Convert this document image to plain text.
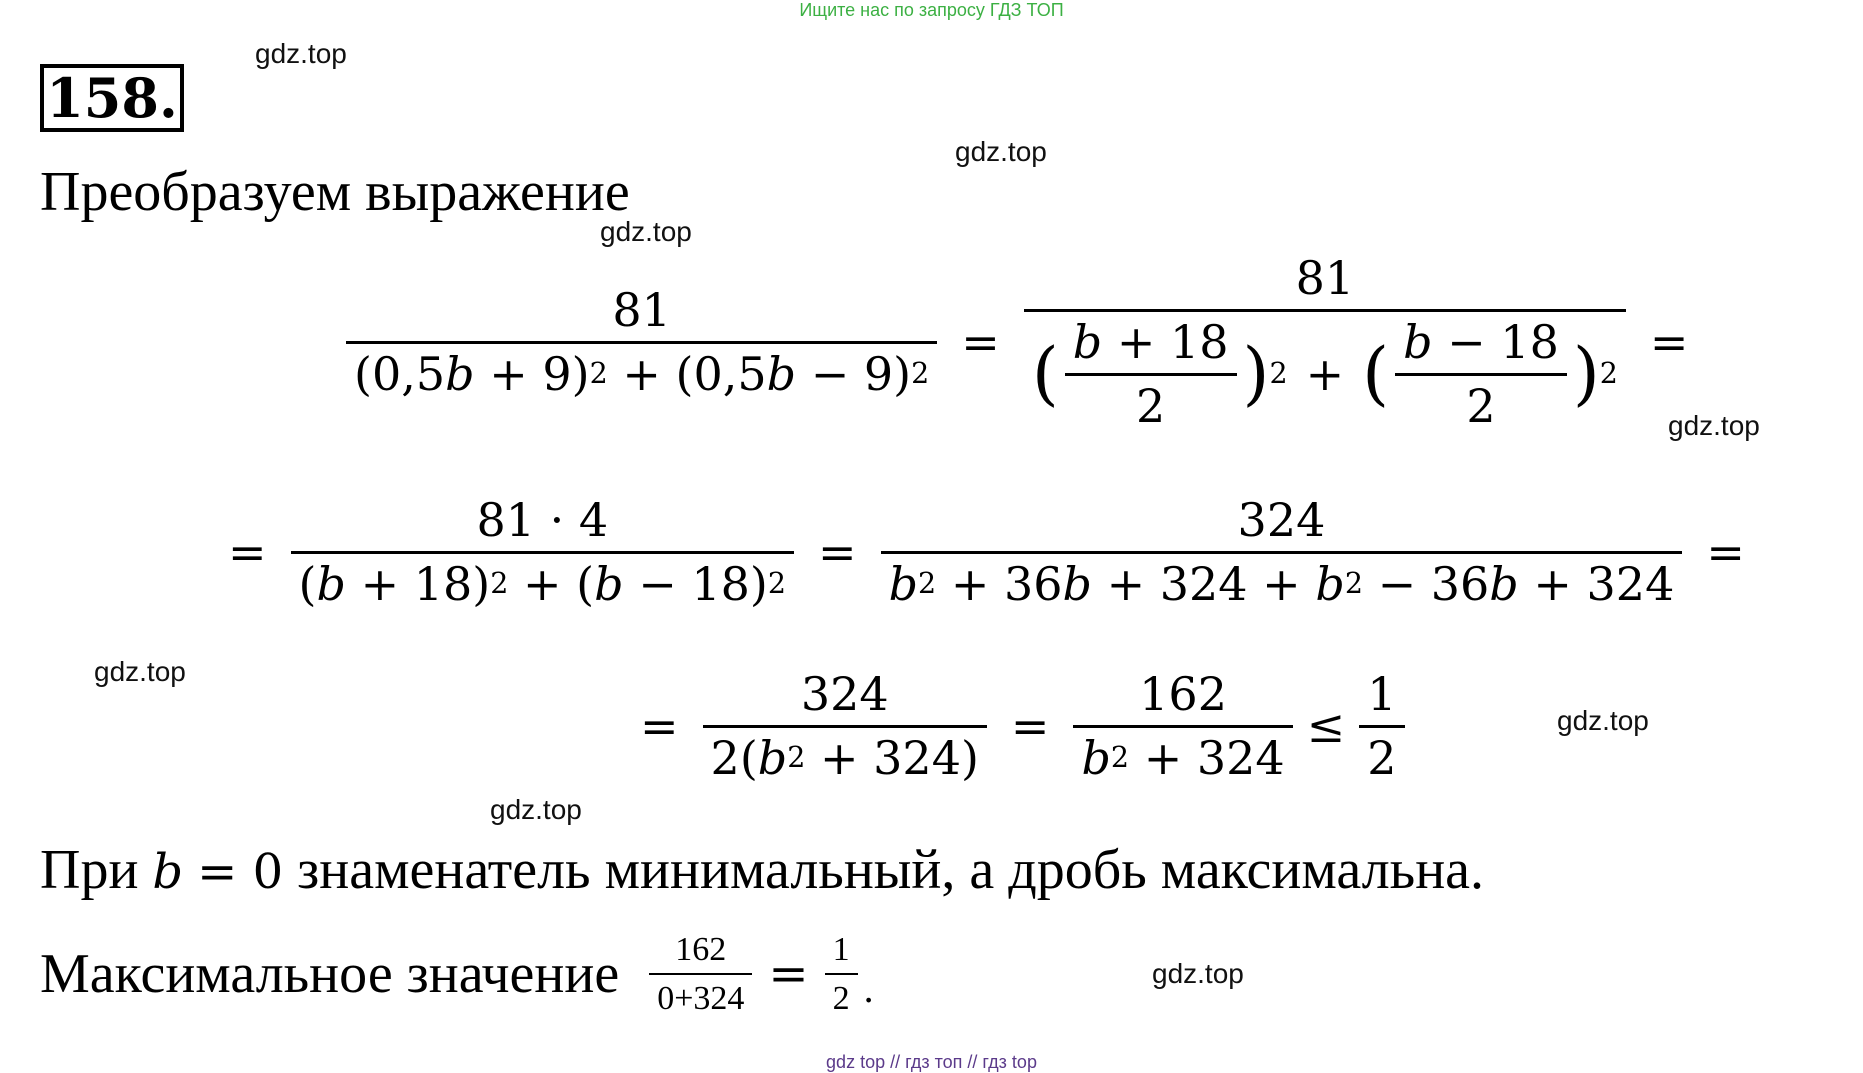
Ищите нас по запросу ГДЗ ТОП
158.
gdz.top
gdz.top
gdz.top
gdz.top
gdz.top
gdz.top
gdz.top
gdz.top
Преобразуем выражение
81
(0,5 b
+ 9) 2
+ (0,5 b
− 9) 2 =
81
( b
+ 18
2 ) 2 + ( b
− 18
2 ) 2
=
= 81 · 4
( b
+ 18) 2
+ ( b
− 18) 2 = 324
b 2
+ 36 b
+ 324 +
b 2
− 36 b
+ 324 =
= 324
2( b 2
+ 324) = 162
b 2
+ $324 \le \frac{1}{2}$
При b = 0 знаменатель минимальный, а дробь максимальна.
Максимальное значение $\frac{162}{0+324} = \frac{1}{2}$ .
gdz top // гдз топ // гдз top
